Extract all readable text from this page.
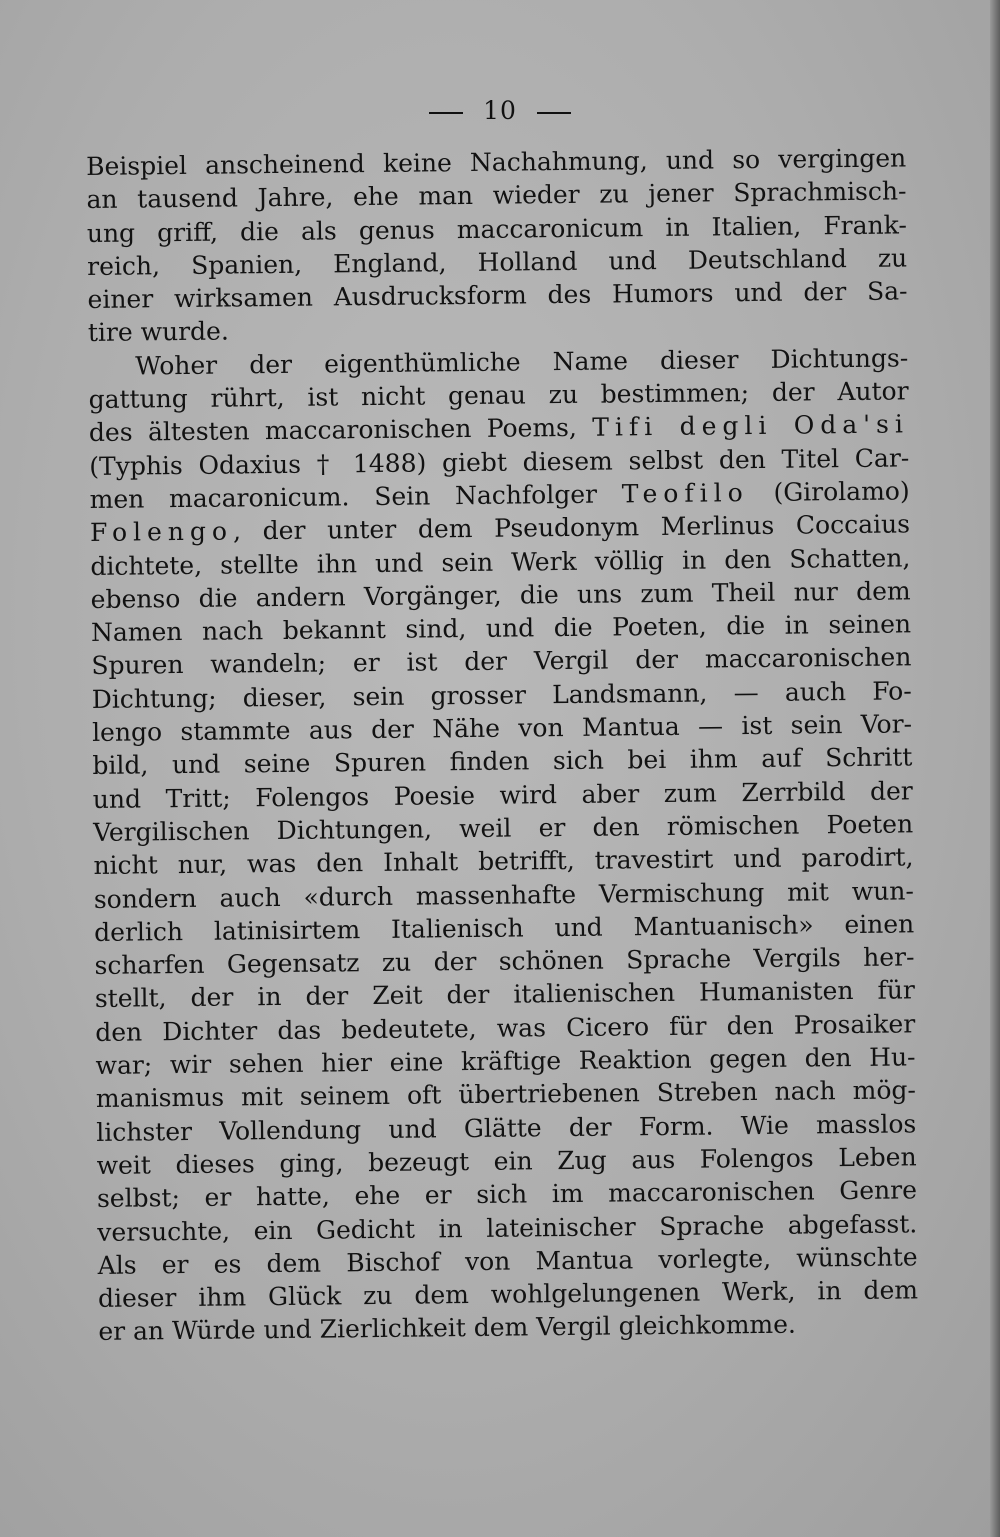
10
Beispiel anscheinend keine Nachahmung, und so vergingen
an tausend Jahre, ehe man wieder zu jener Sprachmisch-
ung griff, die als genus maccaronicum in Italien, Frank-
reich, Spanien, England, Holland und Deutschland zu
einer wirksamen Ausdrucksform des Humors und der Sa-
tire wurde.
Woher der eigenthümliche Name dieser Dichtungs-
gattung rührt, ist nicht genau zu bestimmen; der Autor
des ältesten maccaronischen Poems, Tifi degli Oda'si
(Typhis Odaxius † 1488) giebt diesem selbst den Titel Car-
men macaronicum. Sein Nachfolger Teofilo (Girolamo)
Folengo, der unter dem Pseudonym Merlinus Coccaius
dichtete, stellte ihn und sein Werk völlig in den Schatten,
ebenso die andern Vorgänger, die uns zum Theil nur dem
Namen nach bekannt sind, und die Poeten, die in seinen
Spuren wandeln; er ist der Vergil der maccaronischen
Dichtung; dieser, sein grosser Landsmann, — auch Fo-
lengo stammte aus der Nähe von Mantua — ist sein Vor-
bild, und seine Spuren finden sich bei ihm auf Schritt
und Tritt; Folengos Poesie wird aber zum Zerrbild der
Vergilischen Dichtungen, weil er den römischen Poeten
nicht nur, was den Inhalt betrifft, travestirt und parodirt,
sondern auch «durch massenhafte Vermischung mit wun-
derlich latinisirtem Italienisch und Mantuanisch» einen
scharfen Gegensatz zu der schönen Sprache Vergils her-
stellt, der in der Zeit der italienischen Humanisten für
den Dichter das bedeutete, was Cicero für den Prosaiker
war; wir sehen hier eine kräftige Reaktion gegen den Hu-
manismus mit seinem oft übertriebenen Streben nach mög-
lichster Vollendung und Glätte der Form. Wie masslos
weit dieses ging, bezeugt ein Zug aus Folengos Leben
selbst; er hatte, ehe er sich im maccaronischen Genre
versuchte, ein Gedicht in lateinischer Sprache abgefasst.
Als er es dem Bischof von Mantua vorlegte, wünschte
dieser ihm Glück zu dem wohlgelungenen Werk, in dem
er an Würde und Zierlichkeit dem Vergil gleichkomme.
